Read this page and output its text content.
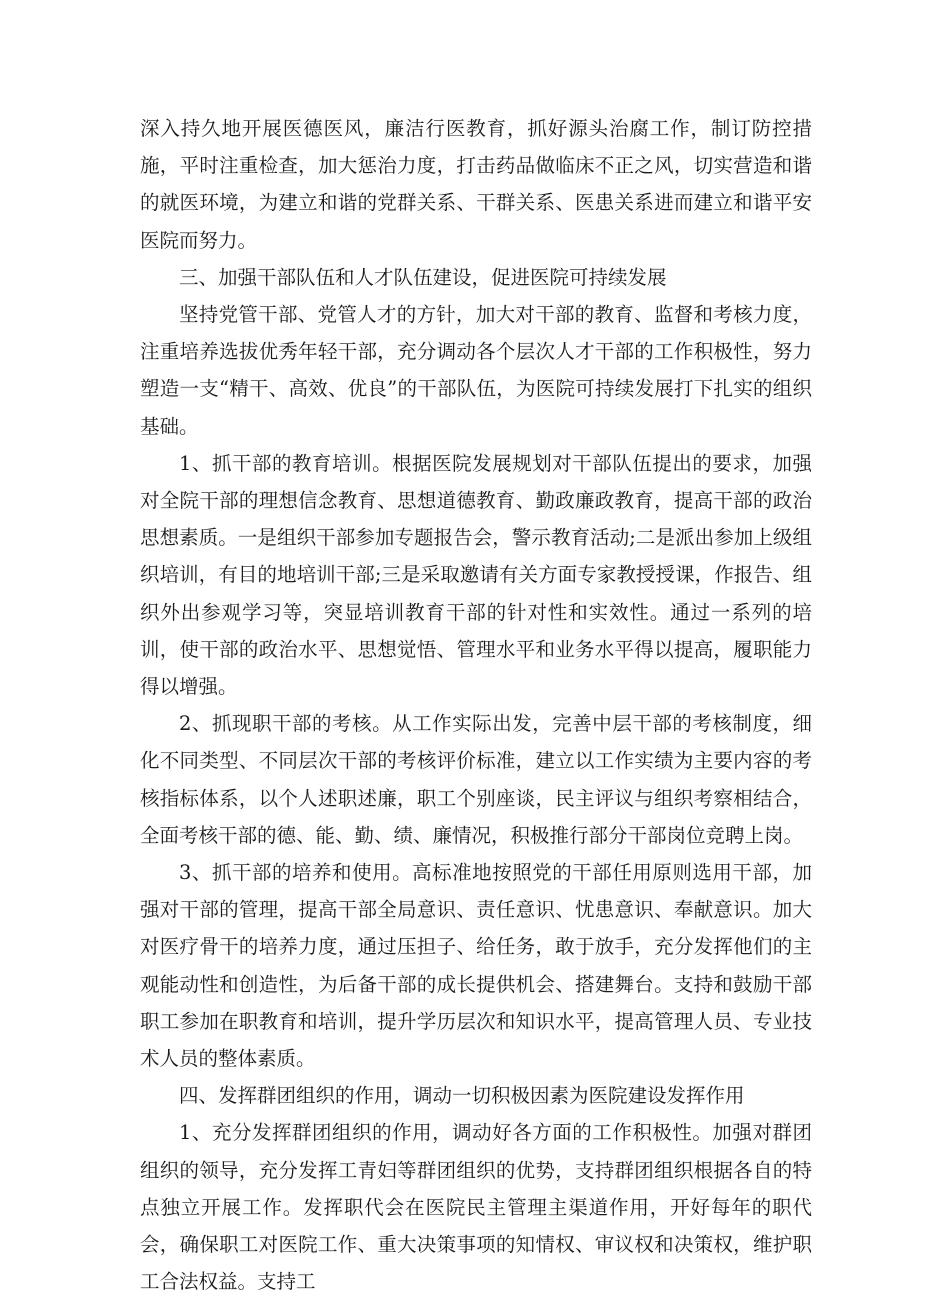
深入持久地开展医德医风，廉洁行医教育，抓好源头治腐工作，制订防控措施，平时注重检查，加大惩治力度，打击药品做临床不正之风，切实营造和谐的就医环境，为建立和谐的党群关系、干群关系、医患关系进而建立和谐平安医院而努力。

三、加强干部队伍和人才队伍建设，促进医院可持续发展

坚持党管干部、党管人才的方针，加大对干部的教育、监督和考核力度，注重培养选拔优秀年轻干部，充分调动各个层次人才干部的工作积极性，努力塑造一支“精干、高效、优良”的干部队伍，为医院可持续发展打下扎实的组织基础。

1、抓干部的教育培训。根据医院发展规划对干部队伍提出的要求，加强对全院干部的理想信念教育、思想道德教育、勤政廉政教育，提高干部的政治思想素质。一是组织干部参加专题报告会，警示教育活动;二是派出参加上级组织培训，有目的地培训干部;三是采取邀请有关方面专家教授授课，作报告、组织外出参观学习等，突显培训教育干部的针对性和实效性。通过一系列的培训，使干部的政治水平、思想觉悟、管理水平和业务水平得以提高，履职能力得以增强。

2、抓现职干部的考核。从工作实际出发，完善中层干部的考核制度，细化不同类型、不同层次干部的考核评价标准，建立以工作实绩为主要内容的考核指标体系，以个人述职述廉，职工个别座谈，民主评议与组织考察相结合，全面考核干部的德、能、勤、绩、廉情况，积极推行部分干部岗位竞聘上岗。

3、抓干部的培养和使用。高标准地按照党的干部任用原则选用干部，加强对干部的管理，提高干部全局意识、责任意识、忧患意识、奉献意识。加大对医疗骨干的培养力度，通过压担子、给任务，敢于放手，充分发挥他们的主观能动性和创造性，为后备干部的成长提供机会、搭建舞台。支持和鼓励干部职工参加在职教育和培训，提升学历层次和知识水平，提高管理人员、专业技术人员的整体素质。

四、发挥群团组织的作用，调动一切积极因素为医院建设发挥作用

1、充分发挥群团组织的作用，调动好各方面的工作积极性。加强对群团组织的领导，充分发挥工青妇等群团组织的优势，支持群团组织根据各自的特点独立开展工作。发挥职代会在医院民主管理主渠道作用，开好每年的职代会，确保职工对医院工作、重大决策事项的知情权、审议权和决策权，维护职工合法权益。支持工
